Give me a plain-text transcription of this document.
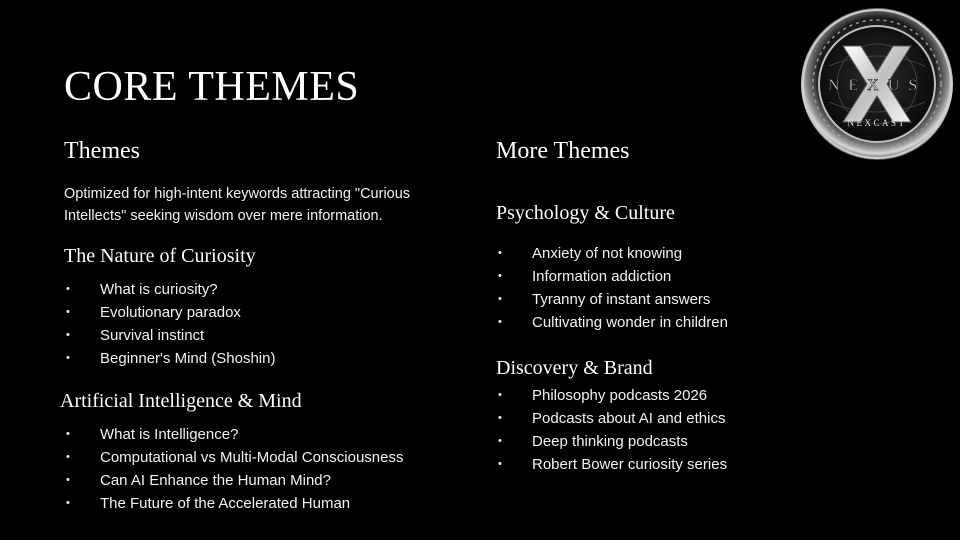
CORE THEMES
Themes

Optimized for high-intent keywords attracting "Curious Intellects" seeking wisdom over mere information.

The Nature of Curiosity
• What is curiosity?
• Evolutionary paradox
• Survival instinct
• Beginner's Mind (Shoshin)
Artificial Intelligence & Mind
• What is Intelligence?
• Computational vs Multi-Modal Consciousness
• Can AI Enhance the Human Mind?
• The Future of the Accelerated Human
More Themes
Psychology & Culture
• Anxiety of not knowing
• Information addiction
• Tyranny of instant answers
• Cultivating wonder in children
Discovery & Brand
• Philosophy podcasts 2026
• Podcasts about AI and ethics
• Deep thinking podcasts
• Robert Bower curiosity series
NEXUS
NEXCAST
